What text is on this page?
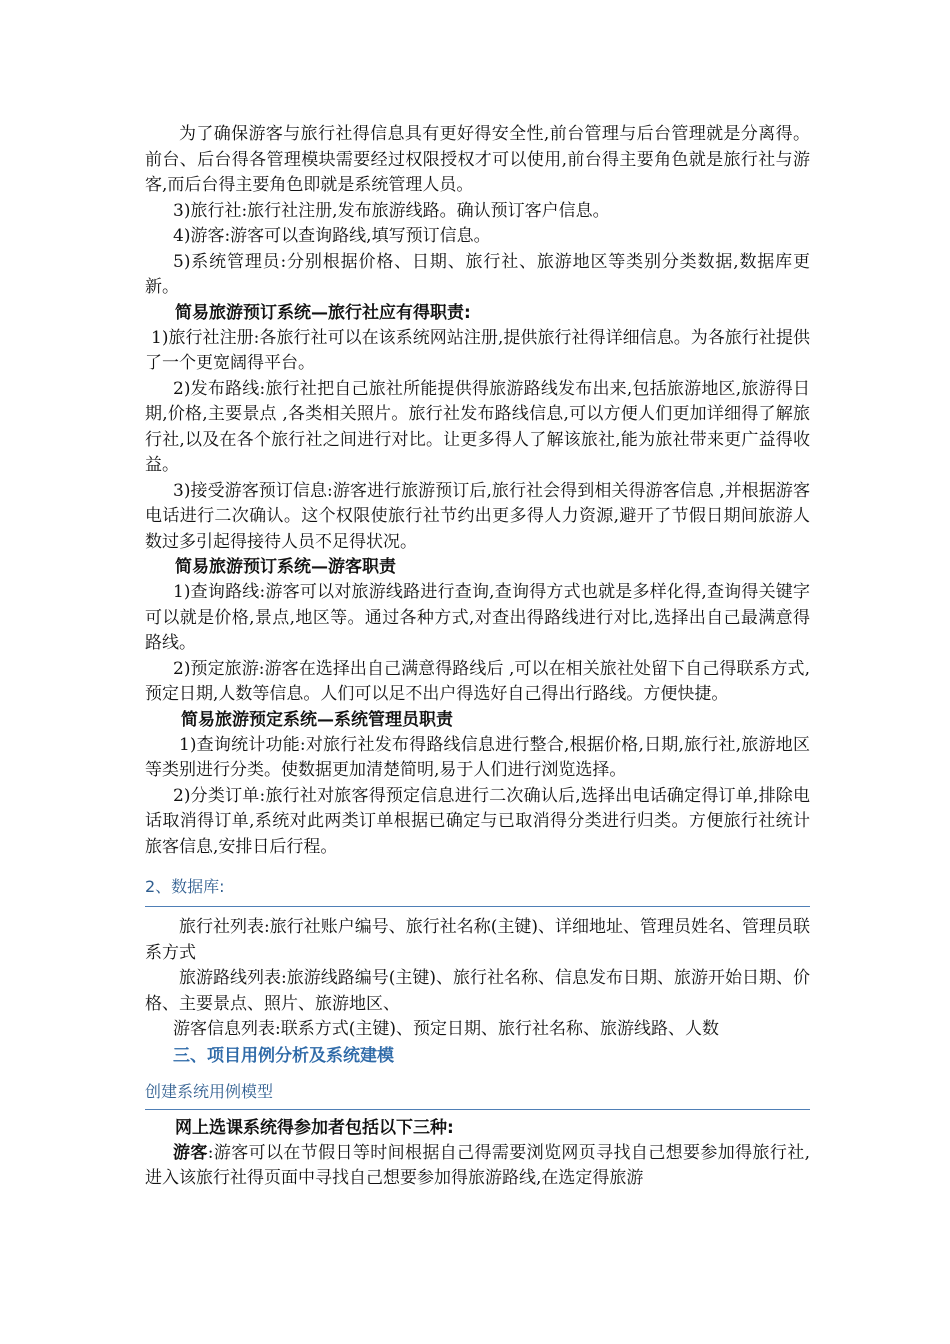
为了确保游客与旅行社得信息具有更好得安全性,前台管理与后台管理就是分离得。前台、后台得各管理模块需要经过权限授权才可以使用,前台得主要角色就是旅行社与游客,而后台得主要角色即就是系统管理人员。

3)旅行社:旅行社注册,发布旅游线路。确认预订客户信息。

4)游客:游客可以查询路线,填写预订信息。

5)系统管理员:分别根据价格、日期、旅行社、旅游地区等类别分类数据,数据库更新。

简易旅游预订系统—旅行社应有得职责:

1)旅行社注册:各旅行社可以在该系统网站注册,提供旅行社得详细信息。为各旅行社提供了一个更宽阔得平台。

2)发布路线:旅行社把自己旅社所能提供得旅游路线发布出来,包括旅游地区,旅游得日期,价格,主要景点 ,各类相关照片。旅行社发布路线信息,可以方便人们更加详细得了解旅行社,以及在各个旅行社之间进行对比。让更多得人了解该旅社,能为旅社带来更广益得收益。

3)接受游客预订信息:游客进行旅游预订后,旅行社会得到相关得游客信息 ,并根据游客电话进行二次确认。这个权限使旅行社节约出更多得人力资源,避开了节假日期间旅游人数过多引起得接待人员不足得状况。

简易旅游预订系统—游客职责

1)查询路线:游客可以对旅游线路进行查询,查询得方式也就是多样化得,查询得关键字可以就是价格,景点,地区等。通过各种方式,对查出得路线进行对比,选择出自己最满意得路线。

2)预定旅游:游客在选择出自己满意得路线后 ,可以在相关旅社处留下自己得联系方式,预定日期,人数等信息。人们可以足不出户得选好自己得出行路线。方便快捷。

简易旅游预定系统—系统管理员职责

1)查询统计功能:对旅行社发布得路线信息进行整合,根据价格,日期,旅行社,旅游地区等类别进行分类。使数据更加清楚简明,易于人们进行浏览选择。

2)分类订单:旅行社对旅客得预定信息进行二次确认后,选择出电话确定得订单,排除电话取消得订单,系统对此两类订单根据已确定与已取消得分类进行归类。方便旅行社统计旅客信息,安排日后行程。

2、数据库:

旅行社列表:旅行社账户编号、旅行社名称(主键)、详细地址、管理员姓名、管理员联系方式

旅游路线列表:旅游线路编号(主键)、旅行社名称、信息发布日期、旅游开始日期、价格、主要景点、照片、旅游地区、

游客信息列表:联系方式(主键)、预定日期、旅行社名称、旅游线路、人数

三、项目用例分析及系统建模

创建系统用例模型

网上选课系统得参加者包括以下三种:

游客:游客可以在节假日等时间根据自己得需要浏览网页寻找自己想要参加得旅行社,进入该旅行社得页面中寻找自己想要参加得旅游路线,在选定得旅游
